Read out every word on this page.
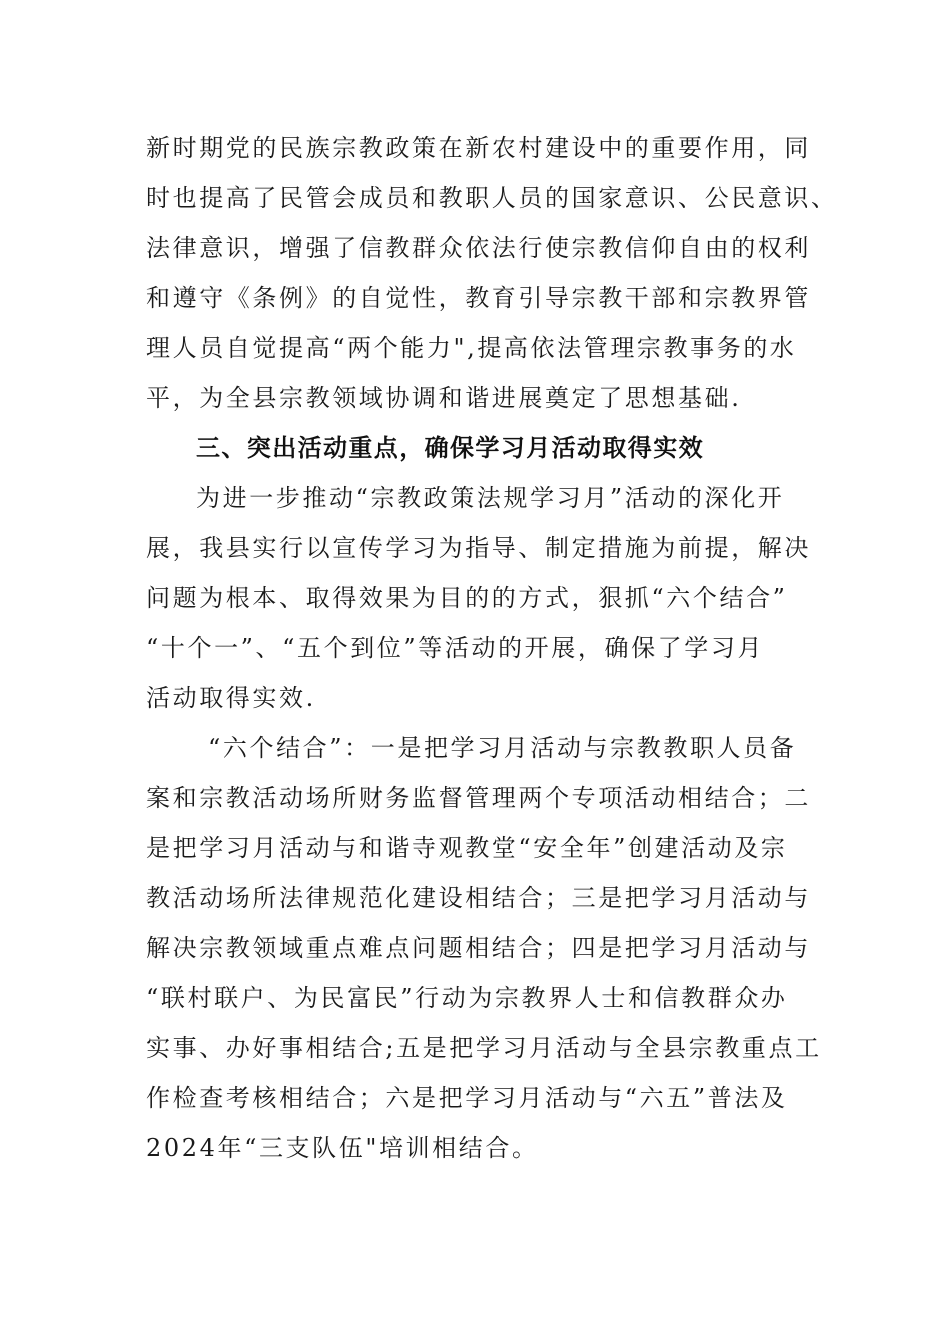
新时期党的民族宗教政策在新农村建设中的重要作用，同

时也提高了民管会成员和教职人员的国家意识、公民意识、

法律意识，增强了信教群众依法行使宗教信仰自由的权利

和遵守《条例》的自觉性，教育引导宗教干部和宗教界管

理人员自觉提高“两个能力",提高依法管理宗教事务的水

平，为全县宗教领域协调和谐进展奠定了思想基础.

三、突出活动重点，确保学习月活动取得实效

为进一步推动“宗教政策法规学习月”活动的深化开

展，我县实行以宣传学习为指导、制定措施为前提，解决

问题为根本、取得效果为目的的方式，狠抓“六个结合”

“十个一”、“五个到位”等活动的开展，确保了学习月

活动取得实效.

“六个结合”：一是把学习月活动与宗教教职人员备

案和宗教活动场所财务监督管理两个专项活动相结合；二

是把学习月活动与和谐寺观教堂“安全年”创建活动及宗

教活动场所法律规范化建设相结合；三是把学习月活动与

解决宗教领域重点难点问题相结合；四是把学习月活动与

“联村联户、为民富民”行动为宗教界人士和信教群众办

实事、办好事相结合;五是把学习月活动与全县宗教重点工

作检查考核相结合；六是把学习月活动与“六五”普法及

2024年“三支队伍"培训相结合。
